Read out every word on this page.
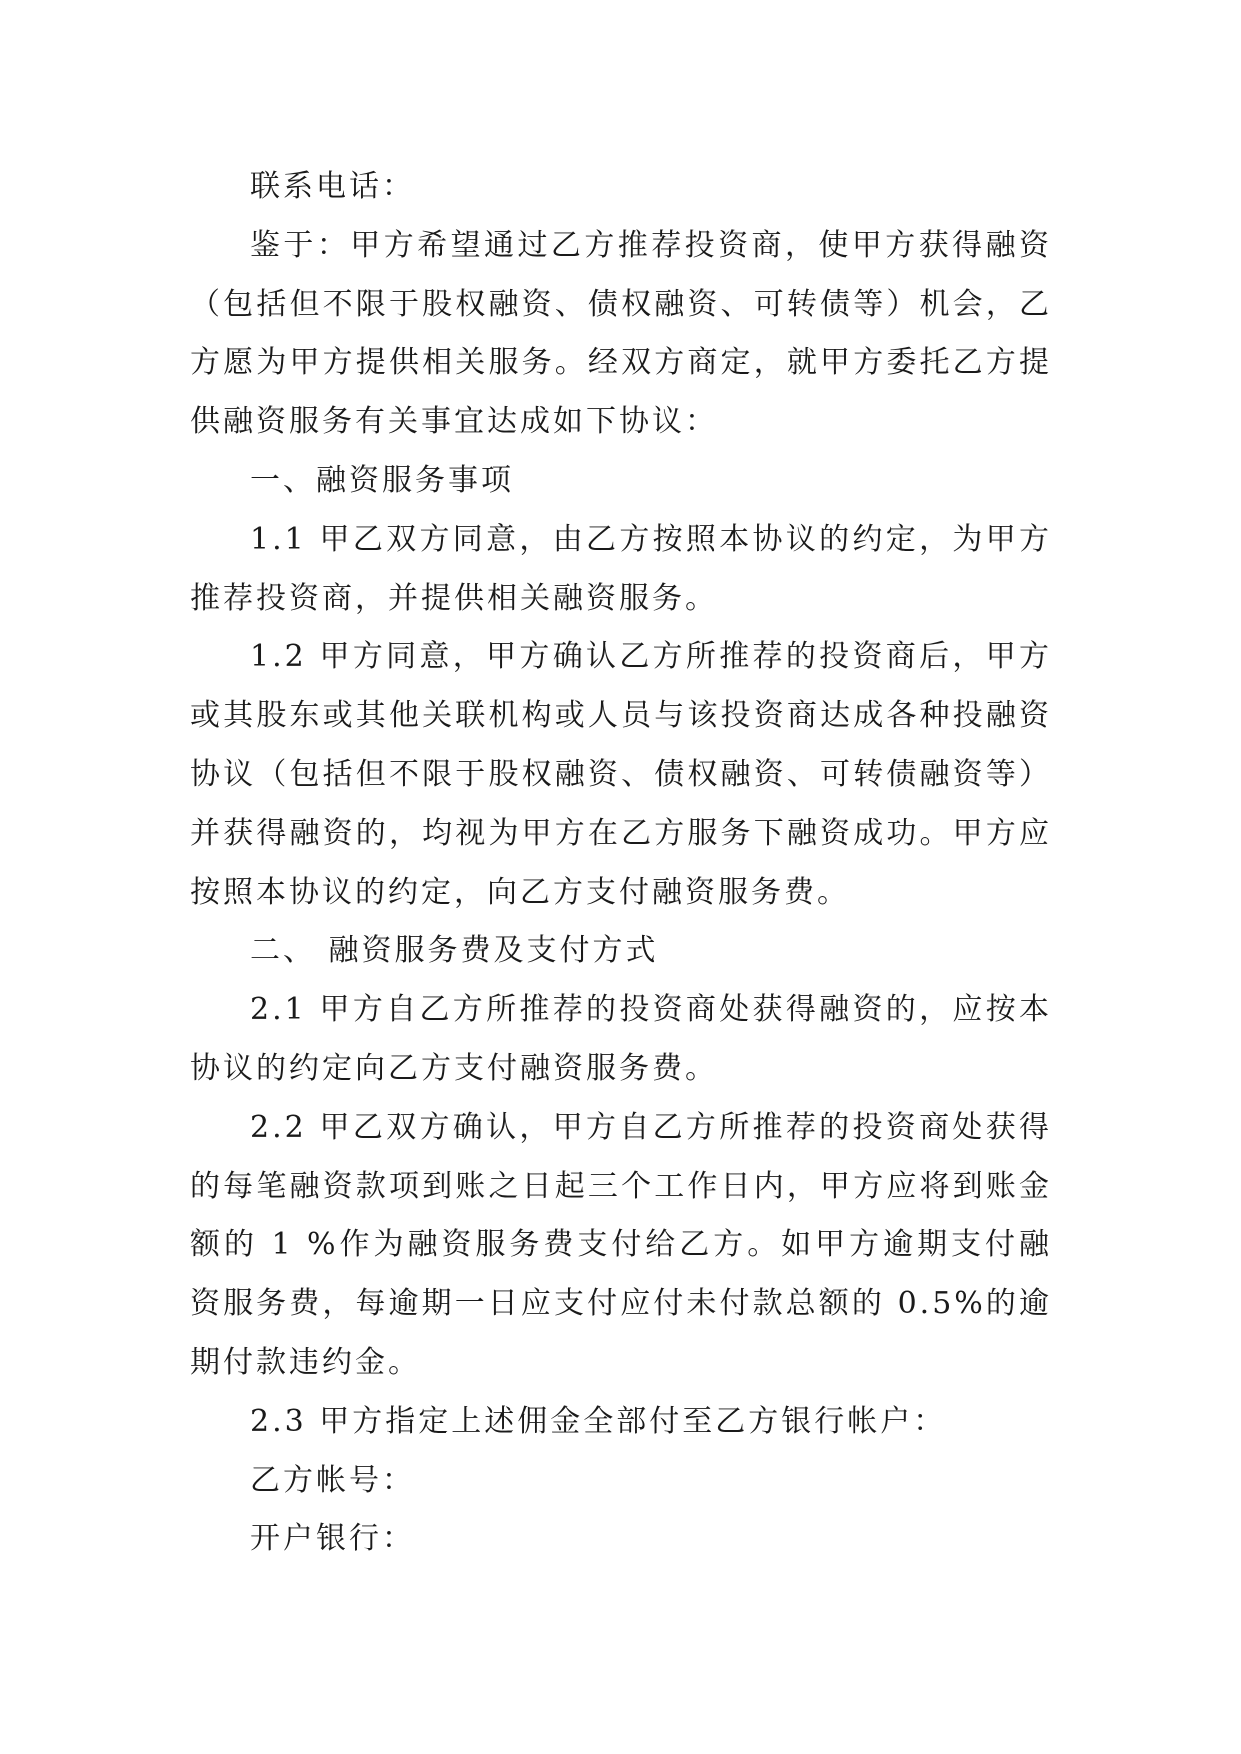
联系电话：

鉴于：甲方希望通过乙方推荐投资商，使甲方获得融资（包括但不限于股权融资、债权融资、可转债等）机会，乙方愿为甲方提供相关服务。经双方商定，就甲方委托乙方提供融资服务有关事宜达成如下协议：

一、融资服务事项

1.1 甲乙双方同意，由乙方按照本协议的约定，为甲方推荐投资商，并提供相关融资服务。

1.2 甲方同意，甲方确认乙方所推荐的投资商后，甲方或其股东或其他关联机构或人员与该投资商达成各种投融资协议（包括但不限于股权融资、债权融资、可转债融资等）并获得融资的，均视为甲方在乙方服务下融资成功。甲方应按照本协议的约定，向乙方支付融资服务费。

二、 融资服务费及支付方式

2.1 甲方自乙方所推荐的投资商处获得融资的，应按本协议的约定向乙方支付融资服务费。

2.2 甲乙双方确认，甲方自乙方所推荐的投资商处获得的每笔融资款项到账之日起三个工作日内，甲方应将到账金额的 1 %作为融资服务费支付给乙方。如甲方逾期支付融资服务费，每逾期一日应支付应付未付款总额的 0.5%的逾期付款违约金。

2.3 甲方指定上述佣金全部付至乙方银行帐户：

乙方帐号：

开户银行：
